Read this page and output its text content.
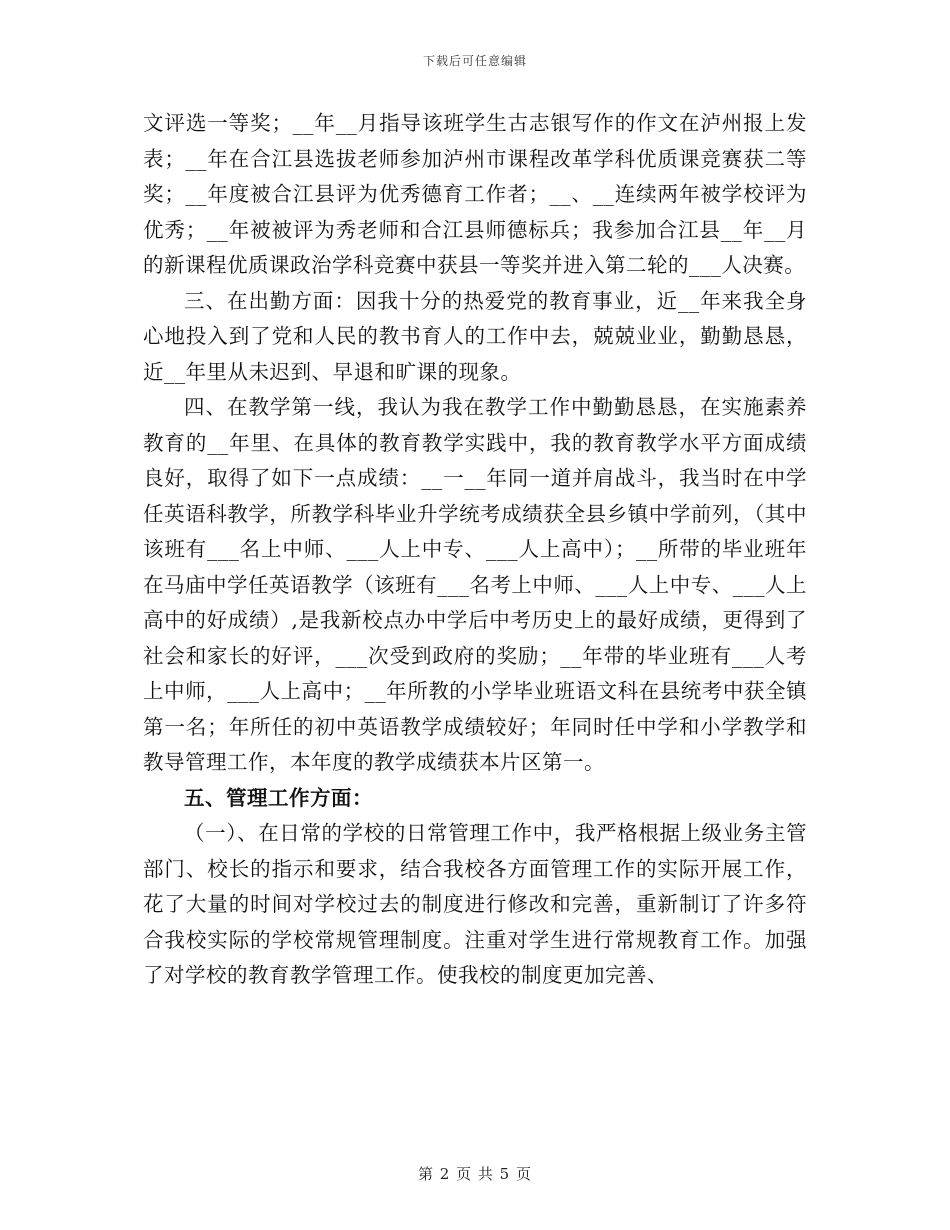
下载后可任意编辑

文评选一等奖；__年__月指导该班学生古志银写作的作文在泸州报上发表；__年在合江县选拔老师参加泸州市课程改革学科优质课竞赛获二等奖；__年度被合江县评为优秀德育工作者；__、__连续两年被学校评为优秀；__年被被评为秀老师和合江县师德标兵；我参加合江县__年__月的新课程优质课政治学科竞赛中获县一等奖并进入第二轮的___人决赛。

三、在出勤方面：因我十分的热爱党的教育事业，近__年来我全身心地投入到了党和人民的教书育人的工作中去，兢兢业业，勤勤恳恳，近__年里从未迟到、早退和旷课的现象。

四、在教学第一线，我认为我在教学工作中勤勤恳恳，在实施素养教育的__年里、在具体的教育教学实践中，我的教育教学水平方面成绩良好，取得了如下一点成绩：__一__年同一道并肩战斗，我当时在中学任英语科教学，所教学科毕业升学统考成绩获全县乡镇中学前列，（其中该班有___名上中师、___人上中专、___人上高中）；__所带的毕业班年在马庙中学任英语教学（该班有___名考上中师、___人上中专、___人上高中的好成绩）,是我新校点办中学后中考历史上的最好成绩，更得到了社会和家长的好评，___次受到政府的奖励；__年带的毕业班有___人考上中师，___人上高中；__年所教的小学毕业班语文科在县统考中获全镇第一名；年所任的初中英语教学成绩较好；年同时任中学和小学教学和教导管理工作，本年度的教学成绩获本片区第一。

五、管理工作方面：

（一）、在日常的学校的日常管理工作中，我严格根据上级业务主管部门、校长的指示和要求，结合我校各方面管理工作的实际开展工作，花了大量的时间对学校过去的制度进行修改和完善，重新制订了许多符合我校实际的学校常规管理制度。注重对学生进行常规教育工作。加强了对学校的教育教学管理工作。使我校的制度更加完善、

第 2 页 共 5 页
